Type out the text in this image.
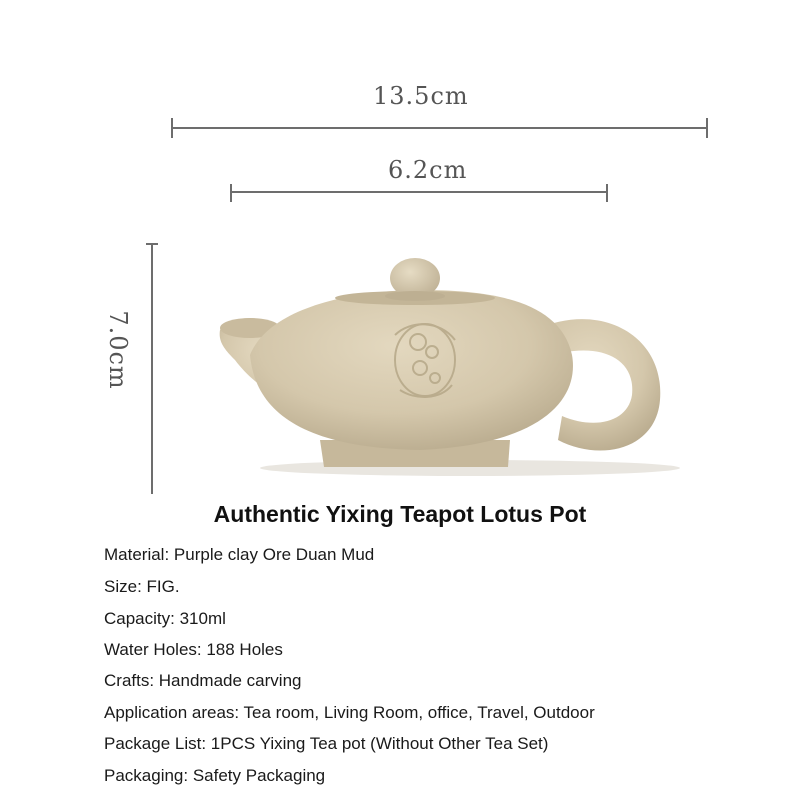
13.5cm
6.2cm
7.0cm
Authentic Yixing Teapot Lotus Pot
Material: Purple clay Ore Duan Mud
Size: FIG.
Capacity: 310ml
Water Holes: 188 Holes
Crafts: Handmade carving
Application areas: Tea room, Living Room, office, Travel, Outdoor
Package List: 1PCS Yixing Tea pot (Without Other Tea Set)
Packaging: Safety Packaging
